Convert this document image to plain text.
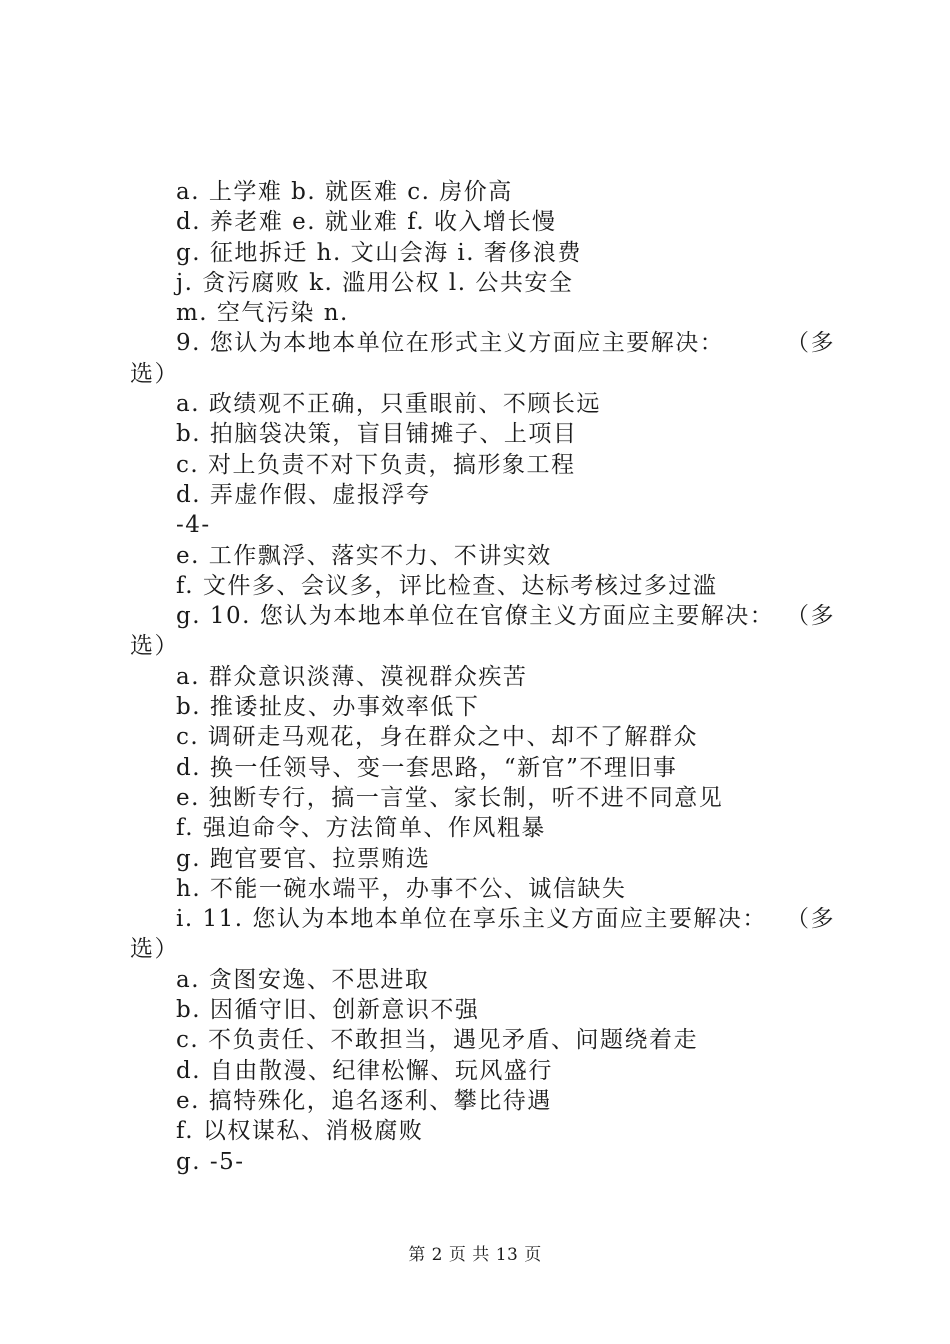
a. 上学难 b. 就医难 c. 房价高
d. 养老难 e. 就业难 f. 收入增长慢
g. 征地拆迁 h. 文山会海 i. 奢侈浪费
j. 贪污腐败 k. 滥用公权 l. 公共安全
m. 空气污染 n.
9. 您认为本地本单位在形式主义方面应主要解决：	（多
选）
a. 政绩观不正确，只重眼前、不顾长远
b. 拍脑袋决策，盲目铺摊子、上项目
c. 对上负责不对下负责，搞形象工程
d. 弄虚作假、虚报浮夸
-4-
e. 工作飘浮、落实不力、不讲实效
f. 文件多、会议多，评比检查、达标考核过多过滥
g. 10. 您认为本地本单位在官僚主义方面应主要解决： （多
选）
a. 群众意识淡薄、漠视群众疾苦
b. 推诿扯皮、办事效率低下
c. 调研走马观花，身在群众之中、却不了解群众
d. 换一任领导、变一套思路，“新官”不理旧事
e. 独断专行，搞一言堂、家长制，听不进不同意见
f. 强迫命令、方法简单、作风粗暴
g. 跑官要官、拉票贿选
h. 不能一碗水端平，办事不公、诚信缺失
i. 11. 您认为本地本单位在享乐主义方面应主要解决： （多
选）
a. 贪图安逸、不思进取
b. 因循守旧、创新意识不强
c. 不负责任、不敢担当，遇见矛盾、问题绕着走
d. 自由散漫、纪律松懈、玩风盛行
e. 搞特殊化，追名逐利、攀比待遇
f. 以权谋私、消极腐败
g. -5-
第 2 页 共 13 页
